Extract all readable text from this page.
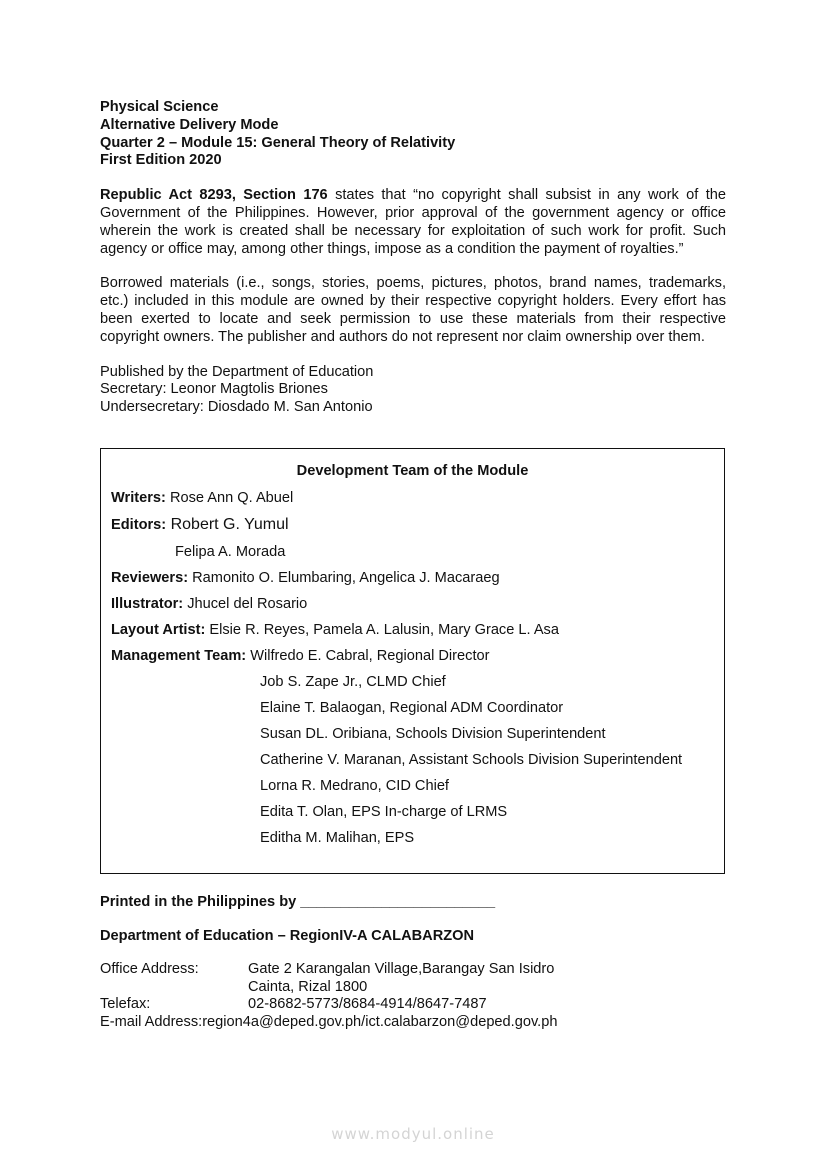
Physical Science

Alternative Delivery Mode

Quarter 2 – Module 15: General Theory of Relativity

First Edition 2020

Republic Act 8293, Section 176 states that “no copyright shall subsist in any work of the Government of the Philippines. However, prior approval of the government agency or office wherein the work is created shall be necessary for exploitation of such work for profit. Such agency or office may, among other things, impose as a condition the payment of royalties.”

Borrowed materials (i.e., songs, stories, poems, pictures, photos, brand names, trademarks, etc.) included in this module are owned by their respective copyright holders. Every effort has been exerted to locate and seek permission to use these materials from their respective copyright owners. The publisher and authors do not represent nor claim ownership over them.

Published by the Department of Education

Secretary: Leonor Magtolis Briones

Undersecretary: Diosdado M. San Antonio

Development Team of the Module
Writers: Rose Ann Q. Abuel
Editors: Robert G. Yumul
Felipa A. Morada
Reviewers: Ramonito O. Elumbaring, Angelica J. Macaraeg
Illustrator: Jhucel del Rosario
Layout Artist: Elsie R. Reyes, Pamela A. Lalusin, Mary Grace L. Asa
Management Team: Wilfredo E. Cabral, Regional Director
Job S. Zape Jr., CLMD Chief
Elaine T. Balaogan, Regional ADM Coordinator
Susan DL. Oribiana, Schools Division Superintendent
Catherine V. Maranan, Assistant Schools Division Superintendent
Lorna R. Medrano, CID Chief
Edita T. Olan, EPS In-charge of LRMS
Editha M. Malihan, EPS

Printed in the Philippines by ________________________

Department of Education – RegionIV-A CALABARZON

Office Address:	Gate 2 Karangalan Village,Barangay San Isidro
Cainta, Rizal 1800
Telefax:	02-8682-5773/8684-4914/8647-7487
E-mail Address:region4a@deped.gov.ph/ict.calabarzon@deped.gov.ph
www.modyul.online
